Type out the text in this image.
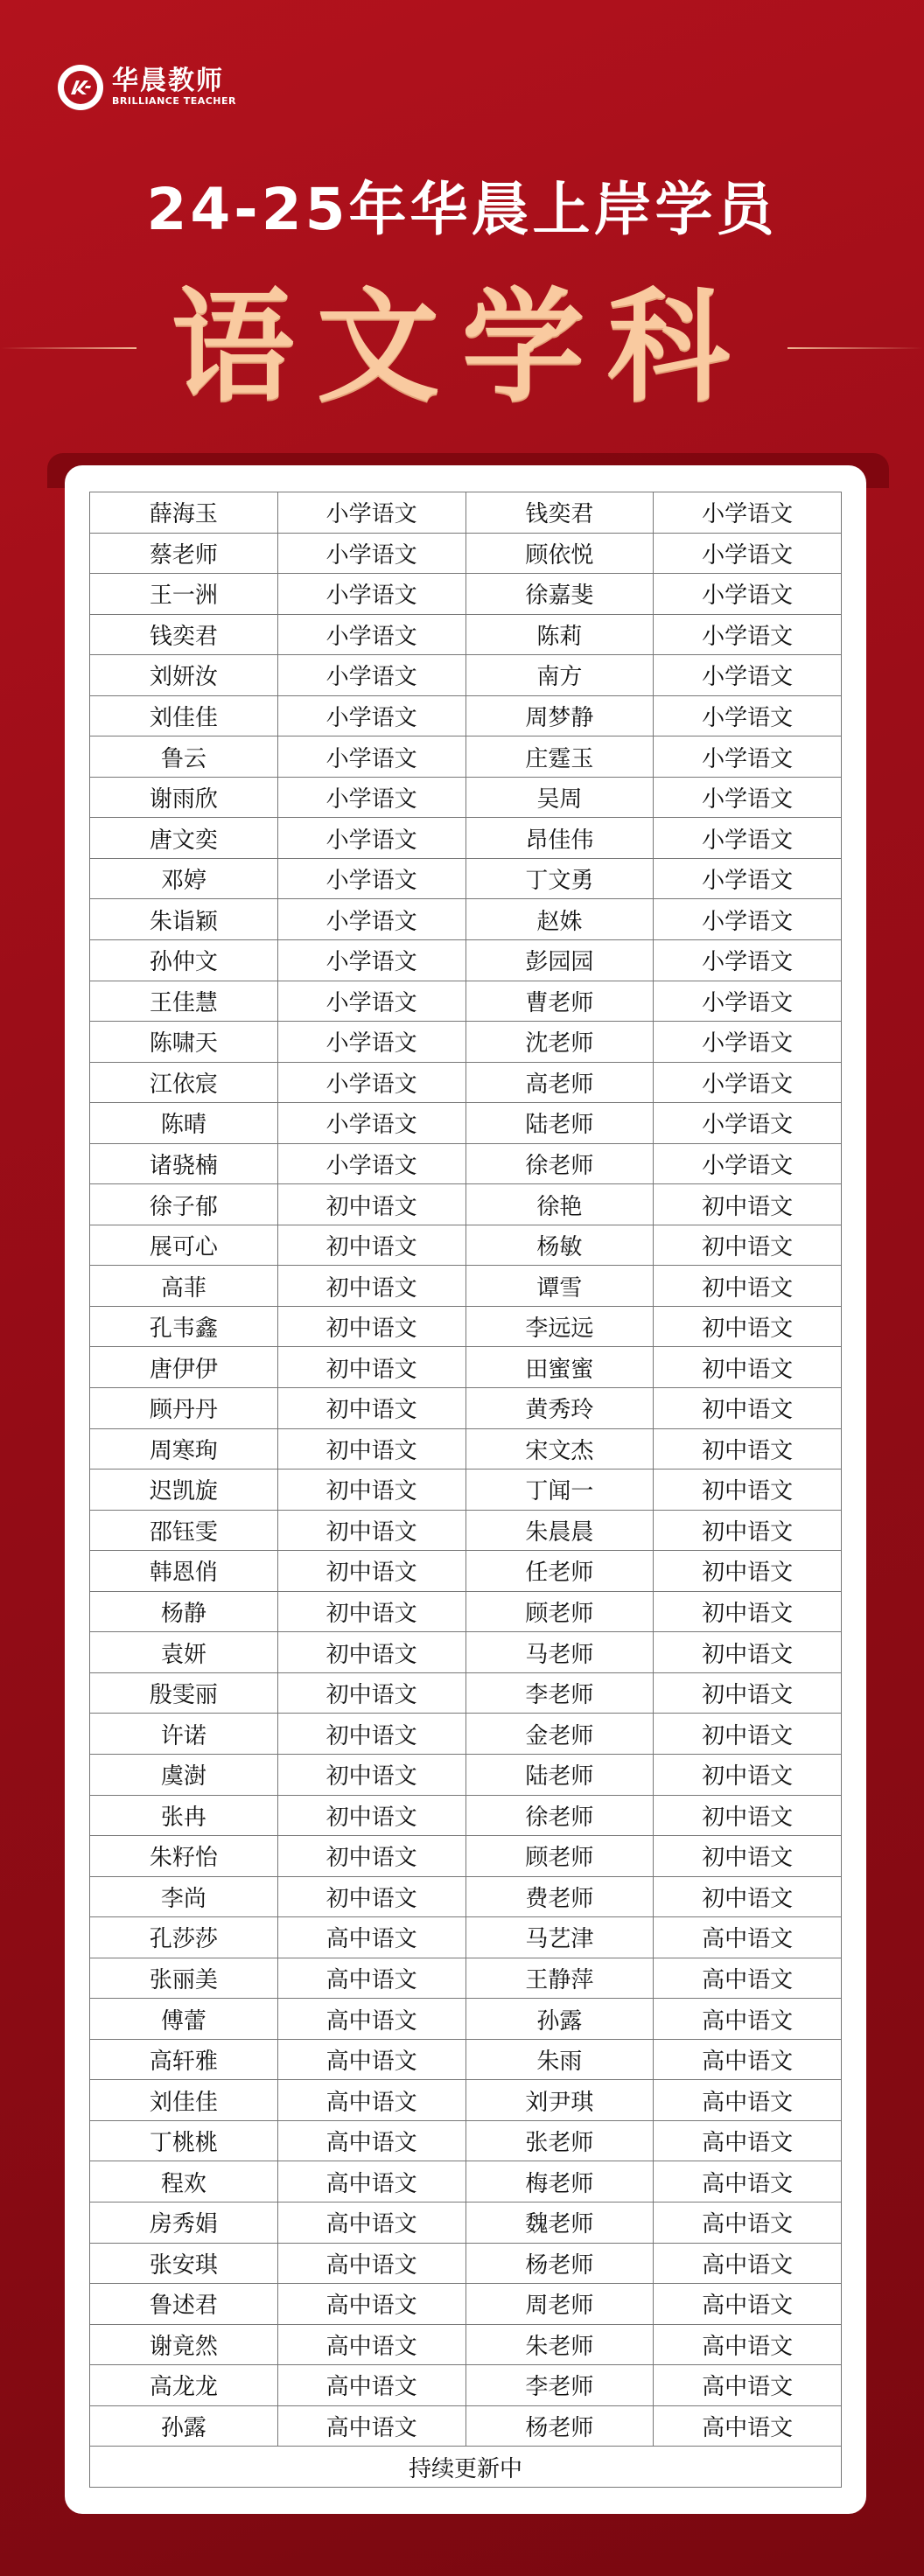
华晨教师
BRILLIANCE TEACHER
24-25年华晨上岸学员
语文学科
薛海玉	小学语文	钱奕君	小学语文
蔡老师	小学语文	顾依悦	小学语文
王一洲	小学语文	徐嘉斐	小学语文
钱奕君	小学语文	陈莉	小学语文
刘妍汝	小学语文	南方	小学语文
刘佳佳	小学语文	周梦静	小学语文
鲁云	小学语文	庄霆玉	小学语文
谢雨欣	小学语文	吴周	小学语文
唐文奕	小学语文	昂佳伟	小学语文
邓婷	小学语文	丁文勇	小学语文
朱诣颖	小学语文	赵姝	小学语文
孙仲文	小学语文	彭园园	小学语文
王佳慧	小学语文	曹老师	小学语文
陈啸天	小学语文	沈老师	小学语文
江依宸	小学语文	高老师	小学语文
陈晴	小学语文	陆老师	小学语文
诸骁楠	小学语文	徐老师	小学语文
徐子郁	初中语文	徐艳	初中语文
展可心	初中语文	杨敏	初中语文
高菲	初中语文	谭雪	初中语文
孔韦鑫	初中语文	李远远	初中语文
唐伊伊	初中语文	田蜜蜜	初中语文
顾丹丹	初中语文	黄秀玲	初中语文
周寒珣	初中语文	宋文杰	初中语文
迟凯旋	初中语文	丁闻一	初中语文
邵钰雯	初中语文	朱晨晨	初中语文
韩恩俏	初中语文	任老师	初中语文
杨静	初中语文	顾老师	初中语文
袁妍	初中语文	马老师	初中语文
殷雯丽	初中语文	李老师	初中语文
许诺	初中语文	金老师	初中语文
虞澍	初中语文	陆老师	初中语文
张冉	初中语文	徐老师	初中语文
朱籽怡	初中语文	顾老师	初中语文
李尚	初中语文	费老师	初中语文
孔莎莎	高中语文	马艺津	高中语文
张丽美	高中语文	王静萍	高中语文
傅蕾	高中语文	孙露	高中语文
高轩雅	高中语文	朱雨	高中语文
刘佳佳	高中语文	刘尹琪	高中语文
丁桃桃	高中语文	张老师	高中语文
程欢	高中语文	梅老师	高中语文
房秀娟	高中语文	魏老师	高中语文
张安琪	高中语文	杨老师	高中语文
鲁述君	高中语文	周老师	高中语文
谢竟然	高中语文	朱老师	高中语文
高龙龙	高中语文	李老师	高中语文
孙露	高中语文	杨老师	高中语文
持续更新中			
